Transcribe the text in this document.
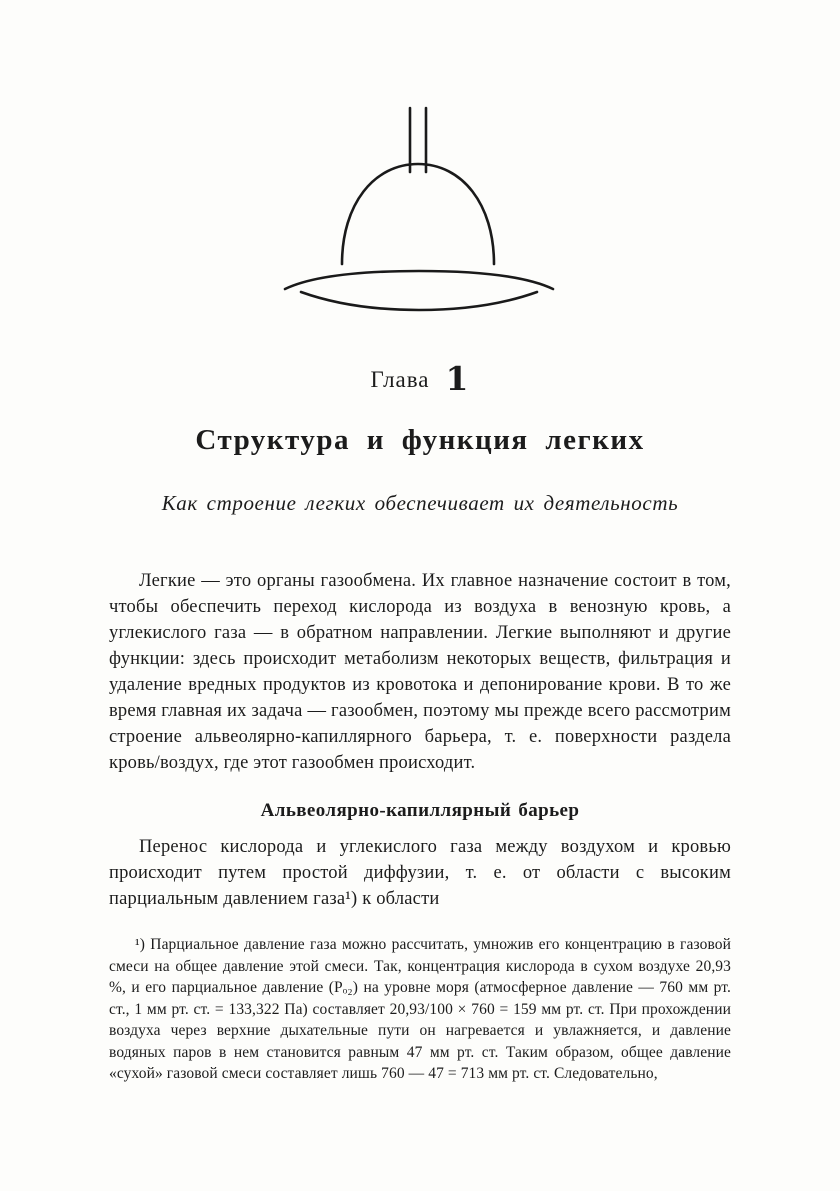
Глава 1
Структура и функция легких
Как строение легких обеспечивает их деятельность

Легкие — это органы газообмена. Их главное назначение состоит в том, чтобы обеспечить переход кислорода из воздуха в венозную кровь, а углекислого газа — в обратном направлении. Легкие выполняют и другие функции: здесь происходит метаболизм некоторых веществ, фильтрация и удаление вредных продуктов из кровотока и депонирование крови. В то же время главная их задача — газообмен, поэтому мы прежде всего рассмотрим строение альвеолярно-капиллярного барьера, т. е. поверхности раздела кровь/воздух, где этот газообмен происходит.

Альвеолярно-капиллярный барьер

Перенос кислорода и углекислого газа между воздухом и кровью происходит путем простой диффузии, т. е. от области с высоким парциальным давлением газа¹) к области

¹) Парциальное давление газа можно рассчитать, умножив его концентрацию в газовой смеси на общее давление этой смеси. Так, концентрация кислорода в сухом воздухе 20,93 %, и его парциальное давление (Pₒ₂) на уровне моря (атмосферное давление — 760 мм рт. ст., 1 мм рт. ст. = 133,322 Па) составляет 20,93/100 × 760 = 159 мм рт. ст. При прохождении воздуха через верхние дыхательные пути он нагревается и увлажняется, и давление водяных паров в нем становится равным 47 мм рт. ст. Таким образом, общее давление «сухой» газовой смеси составляет лишь 760 — 47 = 713 мм рт. ст. Следовательно,
